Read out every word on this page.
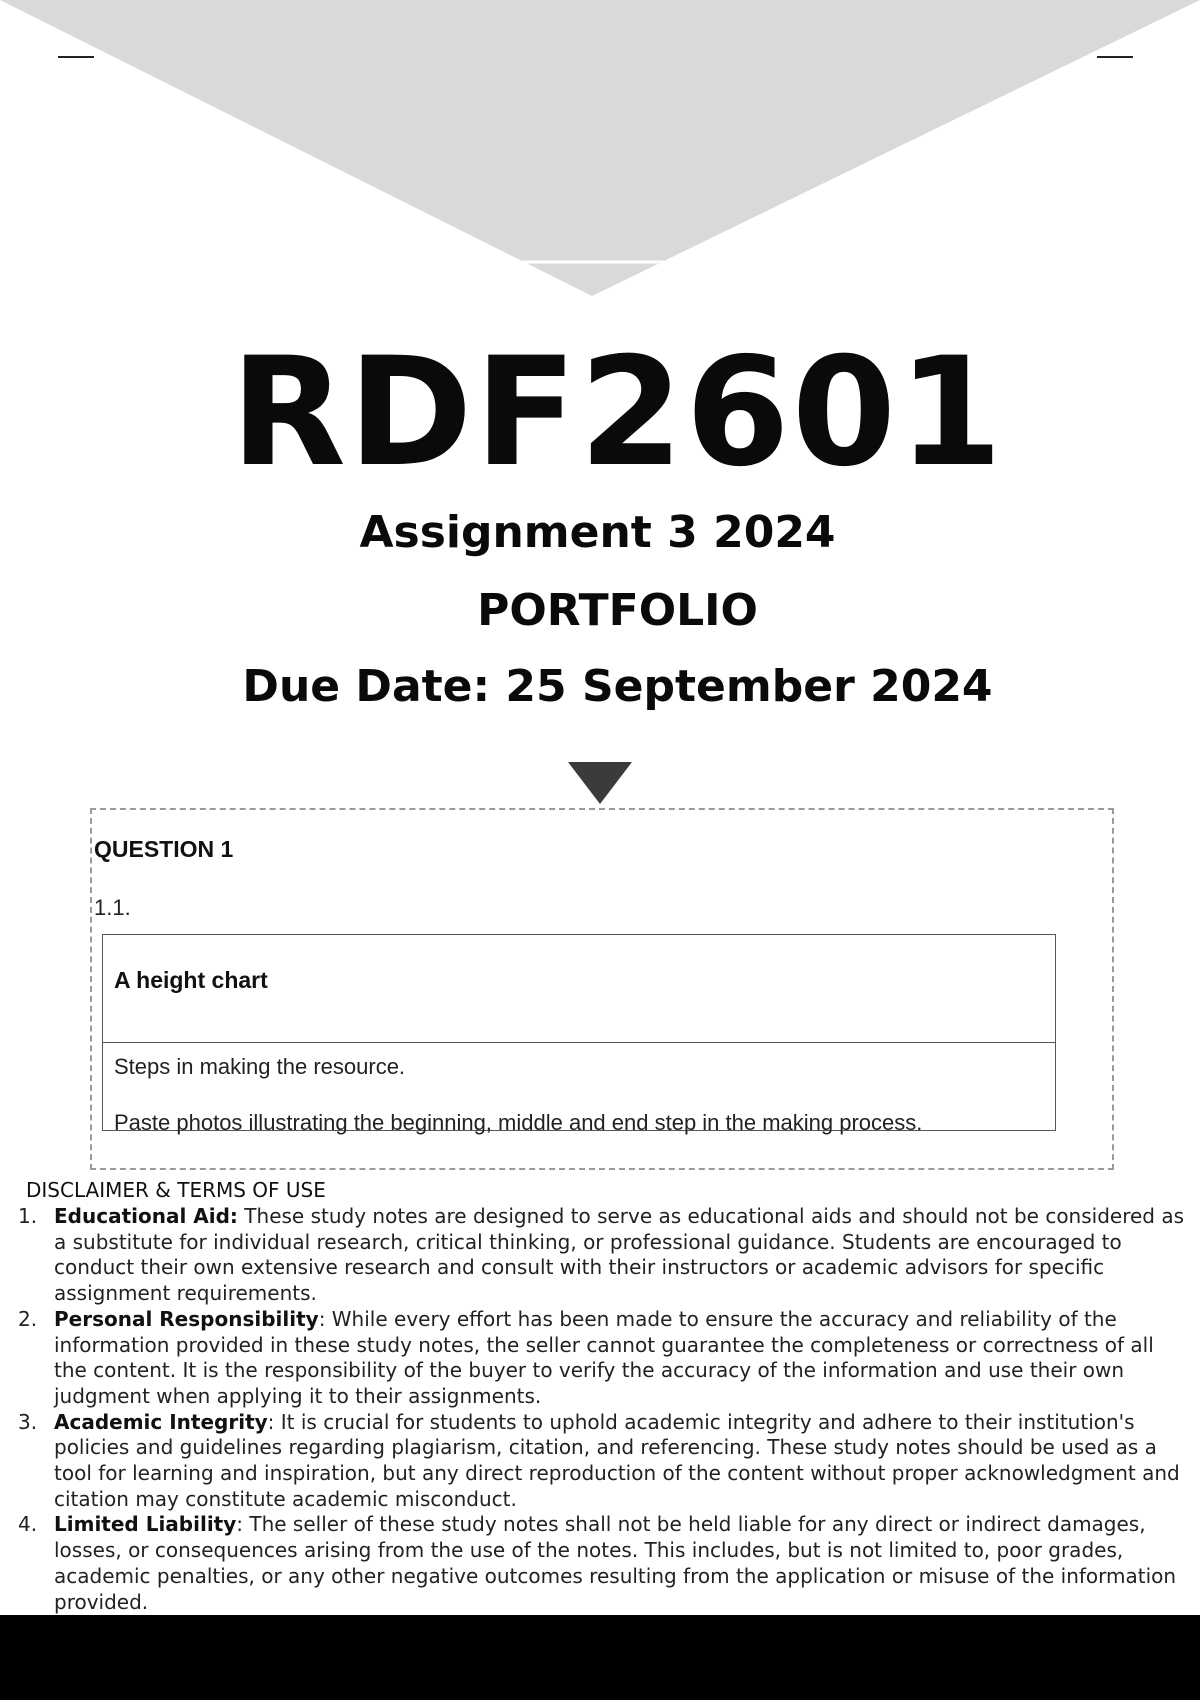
RDF2601
Assignment 3 2024
PORTFOLIO
Due Date: 25 September 2024
QUESTION 1
1.1.
A height chart
Steps in making the resource.
Paste photos illustrating the beginning, middle and end step in the making process.
DISCLAIMER & TERMS OF USE
1. Educational Aid: These study notes are designed to serve as educational aids and should not be considered as a substitute for individual research, critical thinking, or professional guidance. Students are encouraged to conduct their own extensive research and consult with their instructors or academic advisors for specific assignment requirements.
2. Personal Responsibility: While every effort has been made to ensure the accuracy and reliability of the information provided in these study notes, the seller cannot guarantee the completeness or correctness of all the content. It is the responsibility of the buyer to verify the accuracy of the information and use their own judgment when applying it to their assignments.
3. Academic Integrity: It is crucial for students to uphold academic integrity and adhere to their institution's policies and guidelines regarding plagiarism, citation, and referencing. These study notes should be used as a tool for learning and inspiration, but any direct reproduction of the content without proper acknowledgment and citation may constitute academic misconduct.
4. Limited Liability: The seller of these study notes shall not be held liable for any direct or indirect damages, losses, or consequences arising from the use of the notes. This includes, but is not limited to, poor grades, academic penalties, or any other negative outcomes resulting from the application or misuse of the information provided.
